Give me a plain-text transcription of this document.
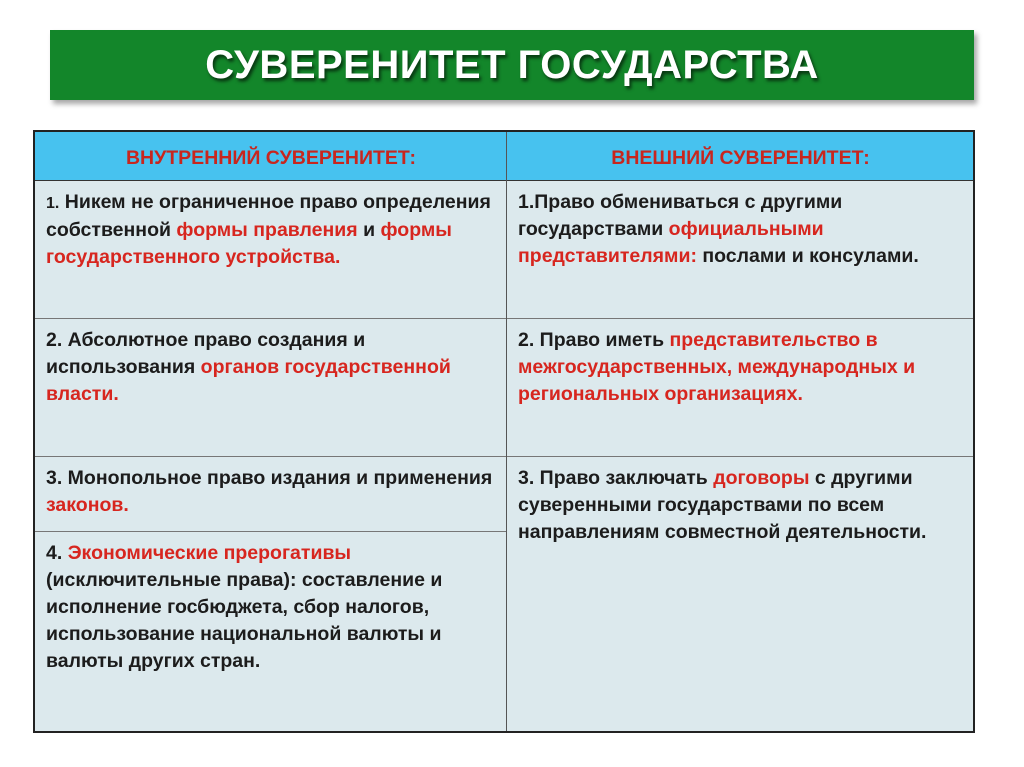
СУВЕРЕНИТЕТ ГОСУДАРСТВА
ВНУТРЕННИЙ СУВЕРЕНИТЕТ:
1. Никем не ограниченное право определения собственной формы правления и формы государственного устройства.
2. Абсолютное право создания и использования органов государственной власти.
3. Монопольное право издания и применения законов.
4. Экономические прерогативы (исключительные права): составление и исполнение госбюджета, сбор налогов, использование национальной валюты и валюты других стран.
ВНЕШНИЙ СУВЕРЕНИТЕТ:
1.Право обмениваться с другими государствами официальными представителями: послами и консулами.
2. Право иметь представительство в межгосударственных, международных и региональных организациях.
3. Право заключать договоры с другими суверенными государствами по всем направлениям совместной деятельности.
